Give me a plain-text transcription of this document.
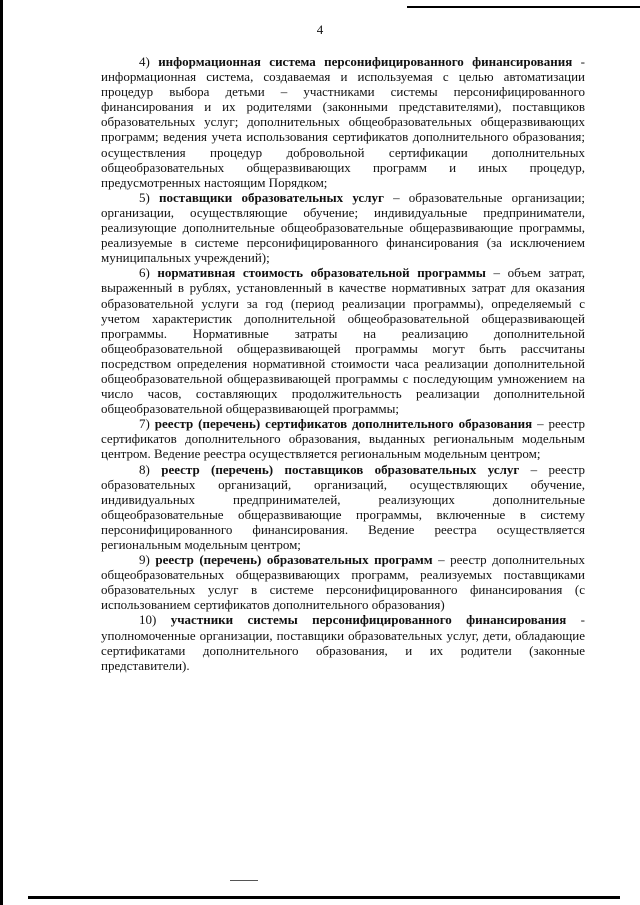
4

4) информационная система персонифицированного финансирования - информационная система, создаваемая и используемая с целью автоматизации процедур выбора детьми – участниками системы персонифицированного финансирования и их родителями (законными представителями), поставщиков образовательных услуг; дополнительных общеобразовательных общеразвивающих программ; ведения учета использования сертификатов дополнительного образования; осуществления процедур добровольной сертификации дополнительных общеобразовательных общеразвивающих программ и иных процедур, предусмотренных настоящим Порядком;

5) поставщики образовательных услуг – образовательные организации; организации, осуществляющие обучение; индивидуальные предприниматели, реализующие дополнительные общеобразовательные общеразвивающие программы, реализуемые в системе персонифицированного финансирования (за исключением муниципальных учреждений);

6) нормативная стоимость образовательной программы – объем затрат, выраженный в рублях, установленный в качестве нормативных затрат для оказания образовательной услуги за год (период реализации программы), определяемый с учетом характеристик дополнительной общеобразовательной общеразвивающей программы. Нормативные затраты на реализацию дополнительной общеобразовательной общеразвивающей программы могут быть рассчитаны посредством определения нормативной стоимости часа реализации дополнительной общеобразовательной общеразвивающей программы с последующим умножением на число часов, составляющих продолжительность реализации дополнительной общеобразовательной общеразвивающей программы;

7) реестр (перечень) сертификатов дополнительного образования – реестр сертификатов дополнительного образования, выданных региональным модельным центром. Ведение реестра осуществляется региональным модельным центром;

8) реестр (перечень) поставщиков образовательных услуг – реестр образовательных организаций, организаций, осуществляющих обучение, индивидуальных предпринимателей, реализующих дополнительные общеобразовательные общеразвивающие программы, включенные в систему персонифицированного финансирования. Ведение реестра осуществляется региональным модельным центром;

9) реестр (перечень) образовательных программ – реестр дополнительных общеобразовательных общеразвивающих программ, реализуемых поставщиками образовательных услуг в системе персонифицированного финансирования (с использованием сертификатов дополнительного образования)

10) участники системы персонифицированного финансирования - уполномоченные организации, поставщики образовательных услуг, дети, обладающие сертификатами дополнительного образования, и их родители (законные представители).
